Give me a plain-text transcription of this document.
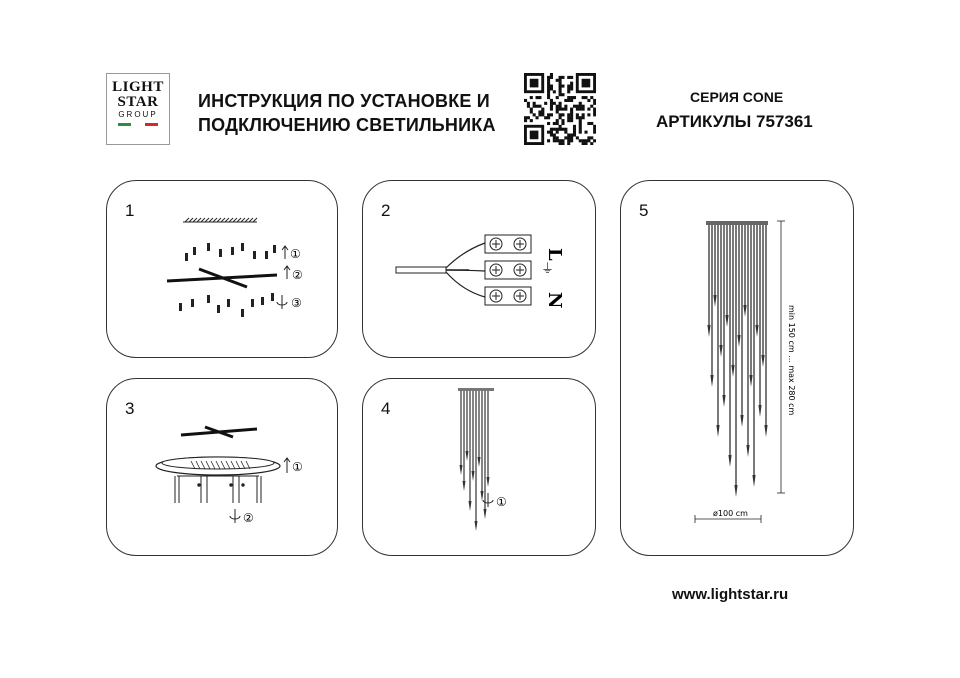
LIGHT
STAR
GROUP
ИНСТРУКЦИЯ ПО УСТАНОВКЕ И
ПОДКЛЮЧЕНИЮ СВЕТИЛЬНИКА
СЕРИЯ CONE
АРТИКУЛЫ 757361
1
①
②
③
2
L
⏚
N
3
①
②
4
①
5
min 150 cm ... max 280 cm
ø100 cm
www.lightstar.ru
